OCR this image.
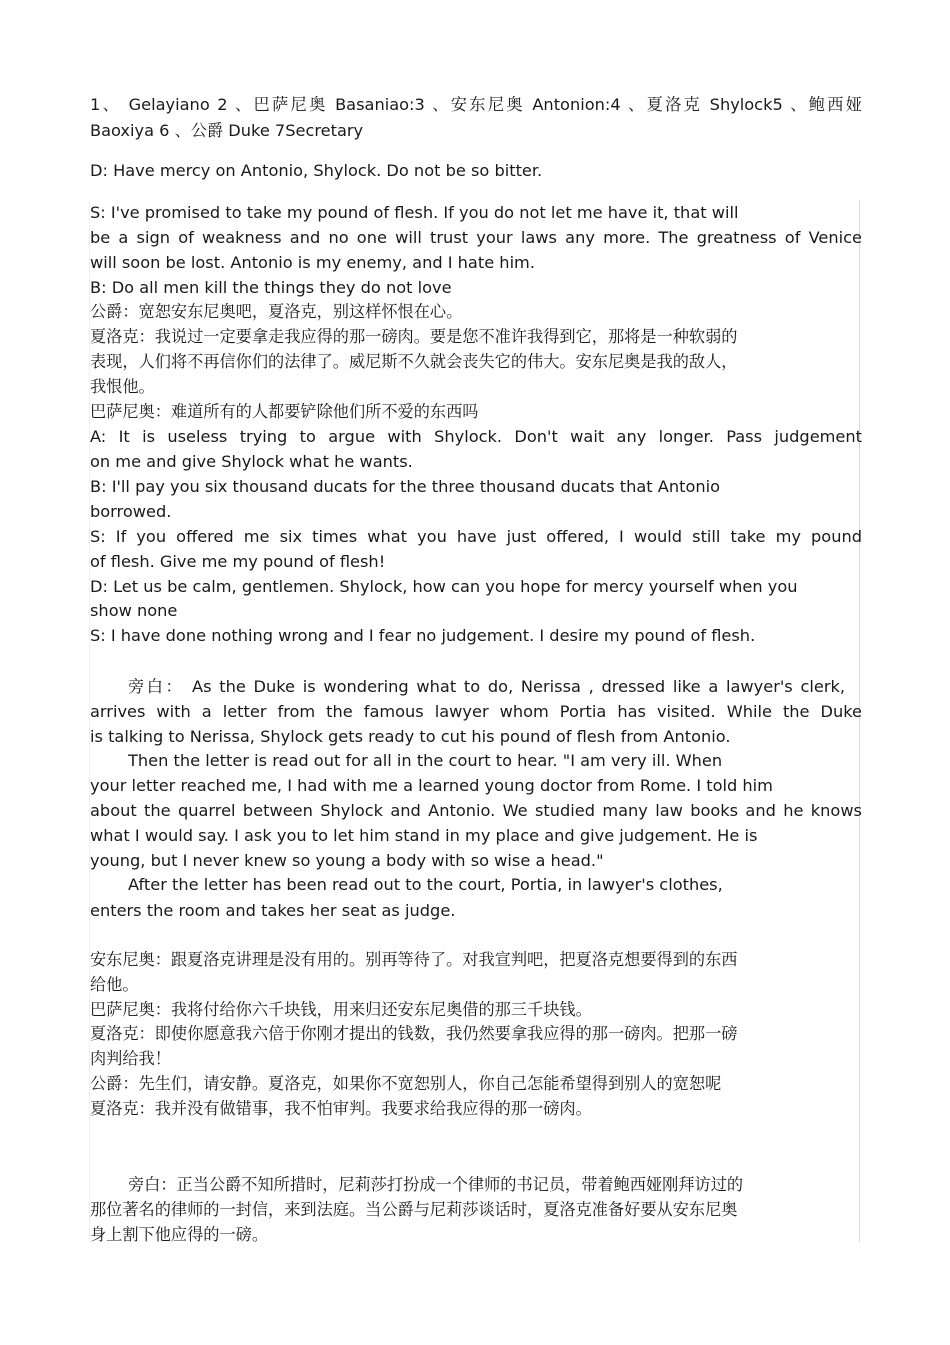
1、 Gelayiano 2 、巴萨尼奥 Basaniao:3 、安东尼奥 Antonion:4 、夏洛克 Shylock5 、鲍西娅
Baoxiya 6 、公爵 Duke 7Secretary
D: Have mercy on Antonio, Shylock. Do not be so bitter.
S: I've promised to take my pound of flesh. If you do not let me have it, that will
be a sign of weakness and no one will trust your laws any more. The greatness of Venice
will soon be lost. Antonio is my enemy, and I hate him.
B: Do all men kill the things they do not love
公爵：宽恕安东尼奥吧，夏洛克，别这样怀恨在心。
夏洛克：我说过一定要拿走我应得的那一磅肉。要是您不准许我得到它，那将是一种软弱的
表现，人们将不再信你们的法律了。威尼斯不久就会丧失它的伟大。安东尼奥是我的敌人，
我恨他。
巴萨尼奥：难道所有的人都要铲除他们所不爱的东西吗
A: It is useless trying to argue with Shylock. Don't wait any longer. Pass judgement
on me and give Shylock what he wants.
B: I'll pay you six thousand ducats for the three thousand ducats that Antonio
borrowed.
S: If you offered me six times what you have just offered, I would still take my pound
of flesh. Give me my pound of flesh!
D: Let us be calm, gentlemen. Shylock, how can you hope for mercy yourself when you
show none
S: I have done nothing wrong and I fear no judgement. I desire my pound of flesh.
旁白： As the Duke is wondering what to do, Nerissa , dressed like a lawyer's clerk,
arrives with a letter from the famous lawyer whom Portia has visited. While the Duke
is talking to Nerissa, Shylock gets ready to cut his pound of flesh from Antonio.
Then the letter is read out for all in the court to hear. "I am very ill. When
your letter reached me, I had with me a learned young doctor from Rome. I told him
about the quarrel between Shylock and Antonio. We studied many law books and he knows
what I would say. I ask you to let him stand in my place and give judgement. He is
young, but I never knew so young a body with so wise a head."
After the letter has been read out to the court, Portia, in lawyer's clothes,
enters the room and takes her seat as judge.
安东尼奥：跟夏洛克讲理是没有用的。别再等待了。对我宣判吧，把夏洛克想要得到的东西
给他。
巴萨尼奥：我将付给你六千块钱，用来归还安东尼奥借的那三千块钱。
夏洛克：即使你愿意我六倍于你刚才提出的钱数，我仍然要拿我应得的那一磅肉。把那一磅
肉判给我！
公爵：先生们，请安静。夏洛克，如果你不宽恕别人，你自己怎能希望得到别人的宽恕呢
夏洛克：我并没有做错事，我不怕审判。我要求给我应得的那一磅肉。
旁白：正当公爵不知所措时，尼莉莎打扮成一个律师的书记员，带着鲍西娅刚拜访过的
那位著名的律师的一封信，来到法庭。当公爵与尼莉莎谈话时，夏洛克准备好要从安东尼奥
身上割下他应得的一磅。
